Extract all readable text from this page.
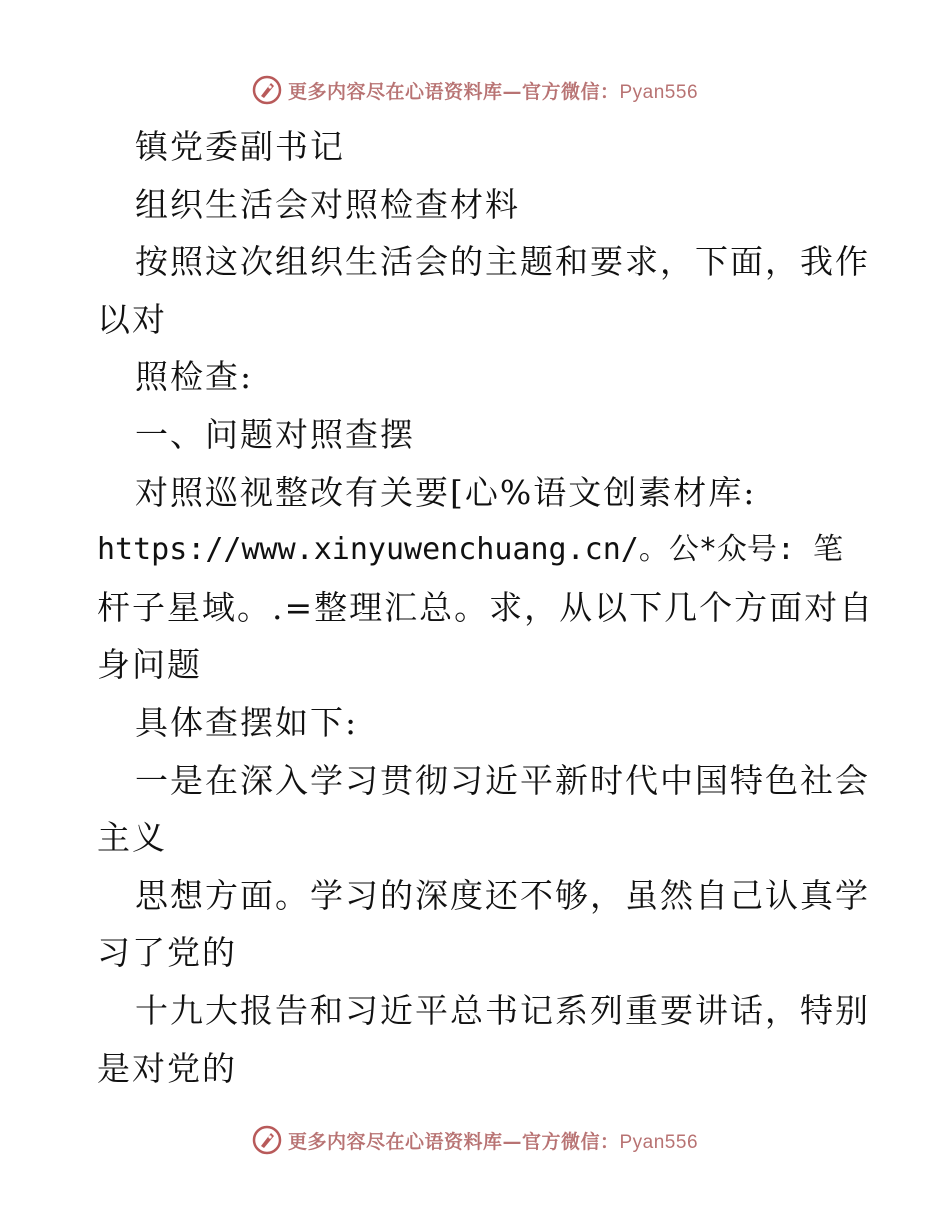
更多内容尽在心语资料库—官方微信：Pyan556
镇党委副书记
组织生活会对照检查材料
按照这次组织生活会的主题和要求，下面，我作
以对
照检查:
一、问题对照查摆
对照巡视整改有关要[心%语文创素材库:
https://www.xinyuwenchuang.cn/。公*众号: 笔
杆子星域。.=整理汇总。求，从以下几个方面对自
身问题
具体查摆如下:
一是在深入学习贯彻习近平新时代中国特色社会
主义
思想方面。学习的深度还不够，虽然自己认真学
习了党的
十九大报告和习近平总书记系列重要讲话，特别
是对党的
更多内容尽在心语资料库—官方微信：Pyan556
